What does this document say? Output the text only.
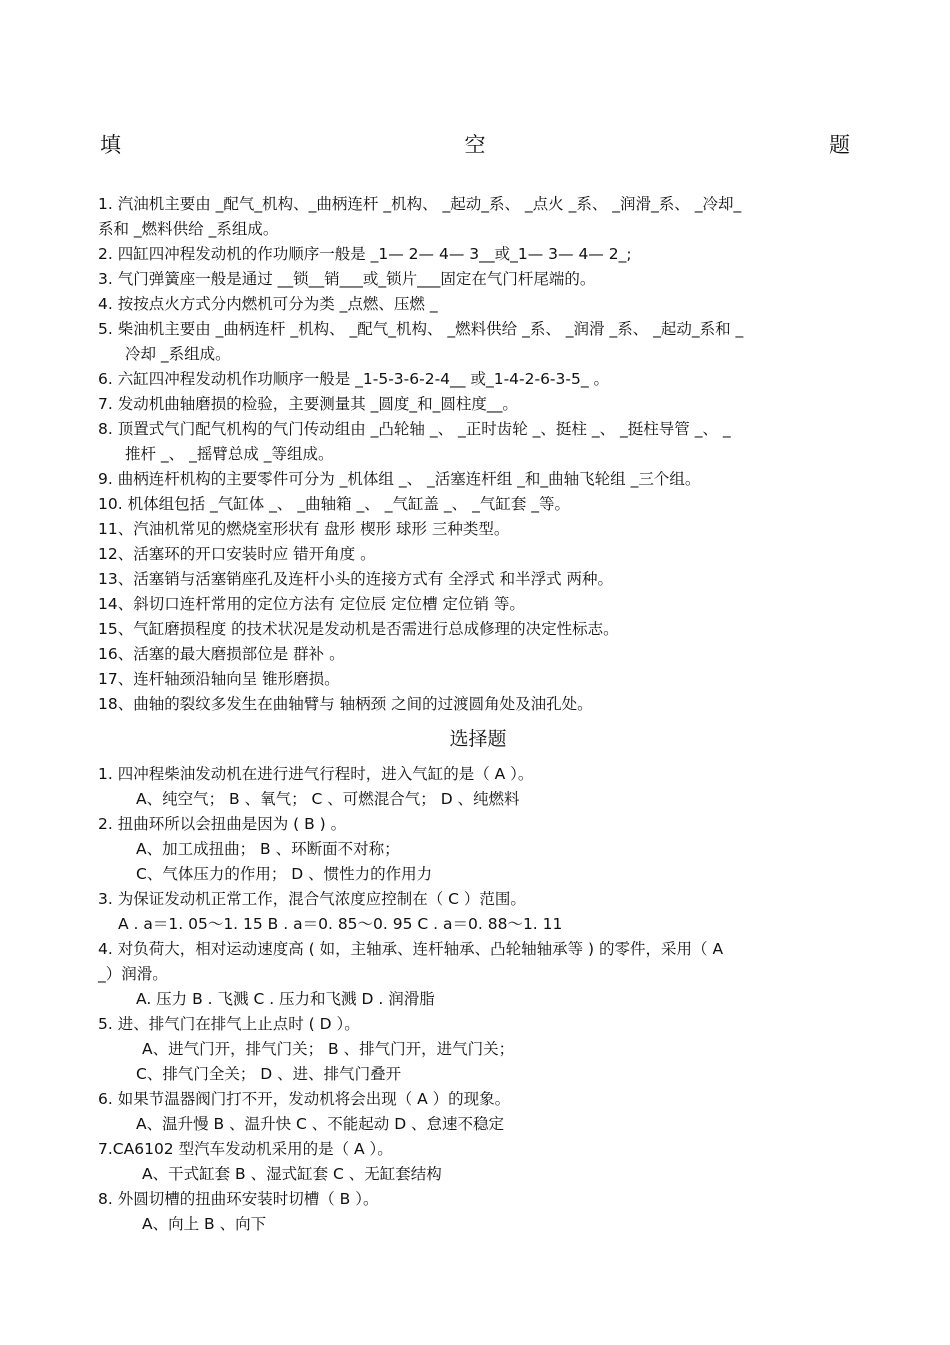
填	空	题

1. 汽油机主要由 _配气_机构、_曲柄连杆 _机构、 _起动_系、 _点火 _系、 _润滑_系、 _冷却_

系和 _燃料供给 _系组成。

2. 四缸四冲程发动机的作功顺序一般是 _1— 2— 4— 3__或_1— 3— 4— 2_;

3. 气门弹簧座一般是通过 __锁__销___或_锁片___固定在气门杆尾端的。

4. 按按点火方式分内燃机可分为类 _点燃、压燃 _

5. 柴油机主要由 _曲柄连杆 _机构、 _配气_机构、 _燃料供给 _系、 _润滑 _系、 _起动_系和 _

冷却 _系组成。

6. 六缸四冲程发动机作功顺序一般是 _1-5-3-6-2-4__ 或_1-4-2-6-3-5_ 。

7. 发动机曲轴磨损的检验，主要测量其 _圆度_和_圆柱度__。

8. 顶置式气门配气机构的气门传动组由 _凸轮轴 _、 _正时齿轮 _、挺柱 _、 _挺柱导管 _、 _

推杆 _、 _摇臂总成 _等组成。

9. 曲柄连杆机构的主要零件可分为 _机体组 _、 _活塞连杆组 _和_曲轴飞轮组 _三个组。

10. 机体组包括 _气缸体 _、 _曲轴箱 _、 _气缸盖 _、 _气缸套 _等。

11、汽油机常见的燃烧室形状有 盘形 楔形 球形 三种类型。

12、活塞环的开口安装时应 错开角度 。

13、活塞销与活塞销座孔及连杆小头的连接方式有 全浮式 和半浮式 两种。

14、斜切口连杆常用的定位方法有 定位辰 定位槽 定位销 等。

15、气缸磨损程度 的技术状况是发动机是否需进行总成修理的决定性标志。

16、活塞的最大磨损部位是 群补 。

17、连杆轴颈沿轴向呈 锥形磨损。

18、曲轴的裂纹多发生在曲轴臂与 轴柄颈 之间的过渡圆角处及油孔处。

选择题

1. 四冲程柴油发动机在进行进气行程时，进入气缸的是（ A ）。

A、纯空气； B 、氧气； C 、可燃混合气； D 、纯燃料

2. 扭曲环所以会扭曲是因为 ( B ) 。

A、加工成扭曲； B 、环断面不对称；

C、气体压力的作用； D 、惯性力的作用力

3. 为保证发动机正常工作，混合气浓度应控制在（ C ）范围。

A . a＝1. 05～1. 15 B . a＝0. 85～0. 95 C . a＝0. 88～1. 11

4. 对负荷大，相对运动速度高 ( 如，主轴承、连杆轴承、凸轮轴轴承等 ) 的零件，采用（ A

_）润滑。

A. 压力 B . 飞溅 C . 压力和飞溅 D . 润滑脂

5. 进、排气门在排气上止点时 ( D ）。

A、进气门开，排气门关； B 、排气门开，进气门关；

C、排气门全关； D 、进、排气门叠开

6. 如果节温器阀门打不开，发动机将会出现（ A ）的现象。

A、温升慢 B 、温升快 C 、不能起动 D 、怠速不稳定

7.CA6102 型汽车发动机采用的是（ A ）。

A、干式缸套 B 、湿式缸套 C 、无缸套结构

8. 外圆切槽的扭曲环安装时切槽（ B ）。

A、向上 B 、向下
